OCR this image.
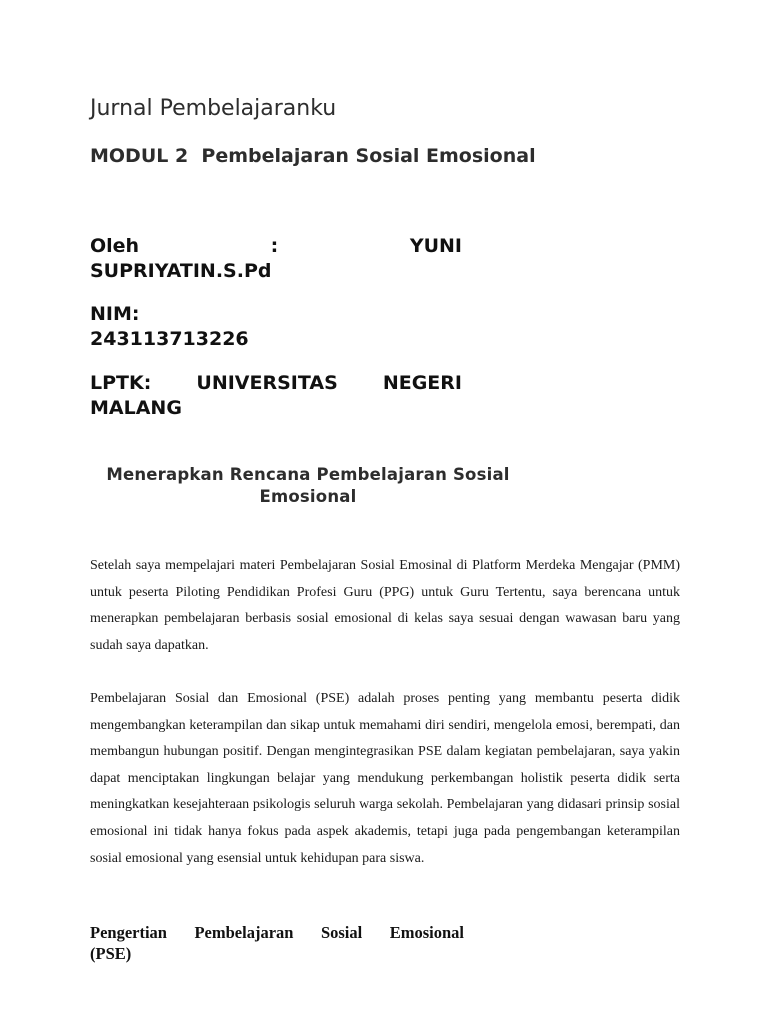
Jurnal Pembelajaranku
MODUL 2  Pembelajaran Sosial Emosional
Oleh	:	YUNI
SUPRIYATIN.S.Pd
NIM:
243113713226
LPTK: UNIVERSITAS NEGERI
MALANG
Menerapkan Rencana Pembelajaran Sosial
Emosional

Setelah saya mempelajari materi Pembelajaran Sosial Emosinal di Platform Merdeka Mengajar (PMM) untuk peserta Piloting Pendidikan Profesi Guru (PPG) untuk Guru Tertentu, saya berencana untuk menerapkan pembelajaran berbasis sosial emosional di kelas saya sesuai dengan wawasan baru yang sudah saya dapatkan.

Pembelajaran Sosial dan Emosional (PSE) adalah proses penting yang membantu peserta didik mengembangkan keterampilan dan sikap untuk memahami diri sendiri, mengelola emosi, berempati, dan membangun hubungan positif. Dengan mengintegrasikan PSE dalam kegiatan pembelajaran, saya yakin dapat menciptakan lingkungan belajar yang mendukung perkembangan holistik peserta didik serta meningkatkan kesejahteraan psikologis seluruh warga sekolah. Pembelajaran yang didasari prinsip sosial emosional ini tidak hanya fokus pada aspek akademis, tetapi juga pada pengembangan keterampilan sosial emosional yang esensial untuk kehidupan para siswa.

Pengertian Pembelajaran Sosial Emosional
(PSE)
